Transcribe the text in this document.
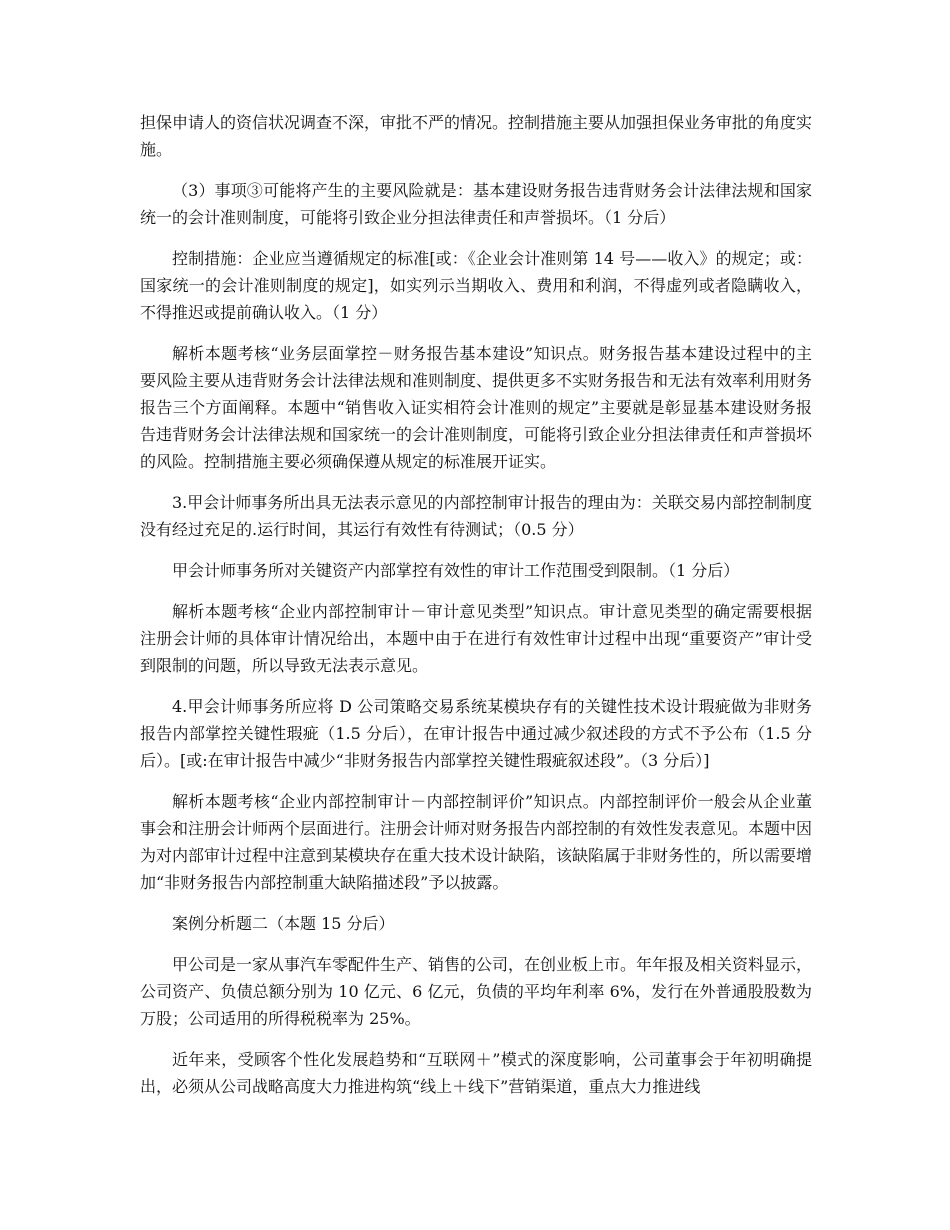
担保申请人的资信状况调查不深，审批不严的情况。控制措施主要从加强担保业务审批的角度实施。

（3）事项③可能将产生的主要风险就是：基本建设财务报告违背财务会计法律法规和国家统一的会计准则制度，可能将引致企业分担法律责任和声誉损坏。（1 分后）

控制措施：企业应当遵循规定的标准[或：《企业会计准则第 14 号——收入》的规定；或：国家统一的会计准则制度的规定]，如实列示当期收入、费用和利润，不得虚列或者隐瞒收入，不得推迟或提前确认收入。（1 分）

解析本题考核“业务层面掌控－财务报告基本建设”知识点。财务报告基本建设过程中的主要风险主要从违背财务会计法律法规和准则制度、提供更多不实财务报告和无法有效率利用财务报告三个方面阐释。本题中“销售收入证实相符会计准则的规定”主要就是彰显基本建设财务报告违背财务会计法律法规和国家统一的会计准则制度，可能将引致企业分担法律责任和声誉损坏的风险。控制措施主要必须确保遵从规定的标准展开证实。

3.甲会计师事务所出具无法表示意见的内部控制审计报告的理由为：关联交易内部控制制度没有经过充足的.运行时间，其运行有效性有待测试；（0.5 分）

甲会计师事务所对关键资产内部掌控有效性的审计工作范围受到限制。（1 分后）

解析本题考核“企业内部控制审计－审计意见类型”知识点。审计意见类型的确定需要根据注册会计师的具体审计情况给出，本题中由于在进行有效性审计过程中出现“重要资产”审计受到限制的问题，所以导致无法表示意见。

4.甲会计师事务所应将 D 公司策略交易系统某模块存有的关键性技术设计瑕疵做为非财务报告内部掌控关键性瑕疵（1.5 分后），在审计报告中通过减少叙述段的方式不予公布（1.5 分后）。[或:在审计报告中减少“非财务报告内部掌控关键性瑕疵叙述段”。（3 分后）]

解析本题考核“企业内部控制审计－内部控制评价”知识点。内部控制评价一般会从企业董事会和注册会计师两个层面进行。注册会计师对财务报告内部控制的有效性发表意见。本题中因为对内部审计过程中注意到某模块存在重大技术设计缺陷，该缺陷属于非财务性的，所以需要增加“非财务报告内部控制重大缺陷描述段”予以披露。

案例分析题二（本题 15 分后）

甲公司是一家从事汽车零配件生产、销售的公司，在创业板上市。年年报及相关资料显示，公司资产、负债总额分别为 10 亿元、6 亿元，负债的平均年利率 6%，发行在外普通股股数为万股；公司适用的所得税税率为 25%。

近年来，受顾客个性化发展趋势和“互联网＋”模式的深度影响，公司董事会于年初明确提出，必须从公司战略高度大力推进构筑“线上＋线下”营销渠道，重点大力推进线
